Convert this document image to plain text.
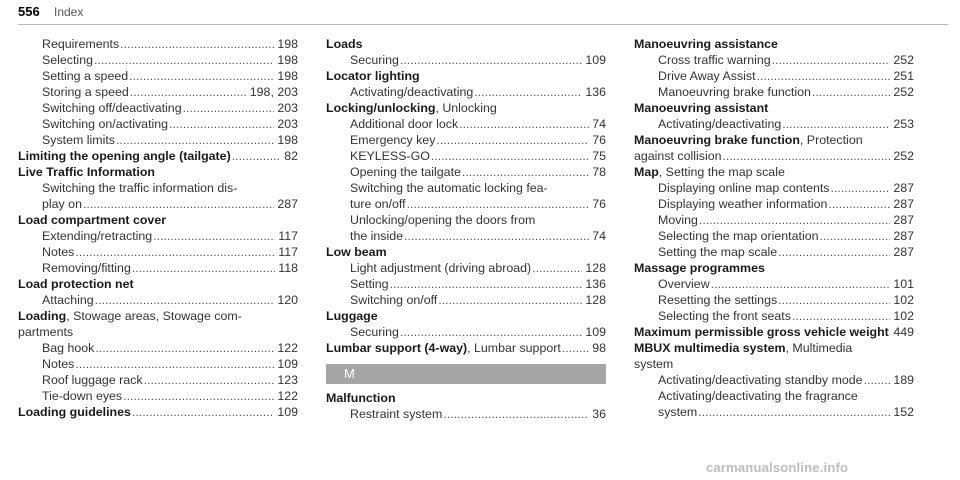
556 Index
Requirements .....	198
Selecting .....	198
Setting a speed .....	198
Storing a speed .....	198, 203
Switching off/deactivating .....	203
Switching on/activating .....	203
System limits .....	198
Limiting the opening angle (tailgate) .....	82
Live Traffic Information
Switching the traffic information dis-
play on .....	287
Load compartment cover
Extending/retracting .....	117
Notes .....	117
Removing/fitting .....	118
Load protection net
Attaching .....	120
Loading, Stowage areas, Stowage com-
partments
Bag hook .....	122
Notes .....	109
Roof luggage rack .....	123
Tie-down eyes .....	122
Loading guidelines .....	109
Loads
Securing .....	109
Locator lighting
Activating/deactivating .....	136
Locking/unlocking, Unlocking
Additional door lock .....	74
Emergency key .....	76
KEYLESS-GO .....	75
Opening the tailgate .....	78
Switching the automatic locking fea-
ture on/off .....	76
Unlocking/opening the doors from
the inside .....	74
Low beam
Light adjustment (driving abroad) .....	128
Setting .....	136
Switching on/off .....	128
Luggage
Securing .....	109
Lumbar support (4-way), Lumbar support .....	98
M
Malfunction
Restraint system .....	36
Manoeuvring assistance
Cross traffic warning .....	252
Drive Away Assist .....	251
Manoeuvring brake function .....	252
Manoeuvring assistant
Activating/deactivating .....	253
Manoeuvring brake function, Protection
against collision .....	252
Map, Setting the map scale
Displaying online map contents .....	287
Displaying weather information .....	287
Moving .....	287
Selecting the map orientation .....	287
Setting the map scale .....	287
Massage programmes
Overview .....	101
Resetting the settings .....	102
Selecting the front seats .....	102
Maximum permissible gross vehicle weight ..... 449
MBUX multimedia system, Multimedia
system
Activating/deactivating standby mode ..... 189
Activating/deactivating the fragrance
system .....	152
carmanualsonline.info
